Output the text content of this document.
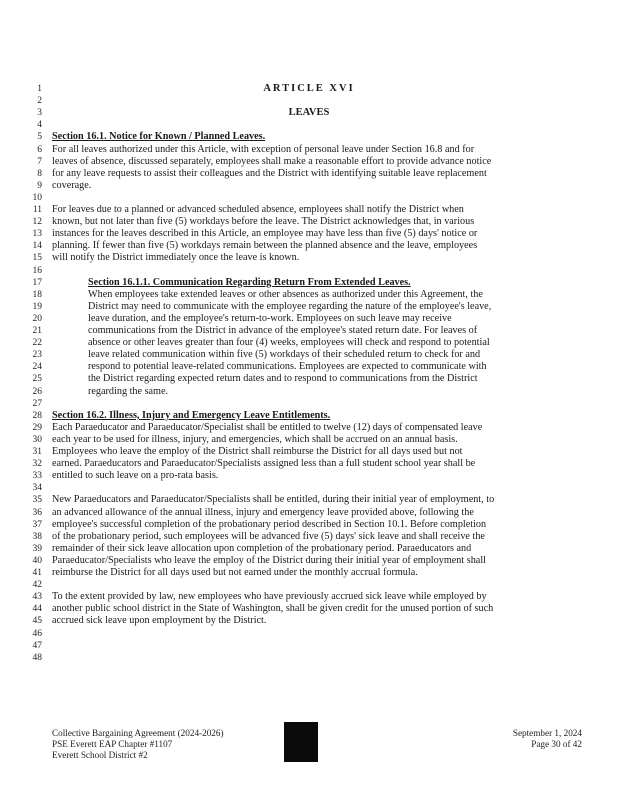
1
2
3
4
5
6
7
8
9
10
11
12
13
14
15
16
17
18
19
20
21
22
23
24
25
26
27
28
29
30
31
32
33
34
35
36
37
38
39
40
41
42
43
44
45
46
47
48
ARTICLE XVI
LEAVES
Section 16.1. Notice for Known / Planned Leaves.
For all leaves authorized under this Article, with exception of personal leave under Section 16.8 and for
leaves of absence, discussed separately, employees shall make a reasonable effort to provide advance notice
for any leave requests to assist their colleagues and the District with identifying suitable leave replacement
coverage.
For leaves due to a planned or advanced scheduled absence, employees shall notify the District when
known, but not later than five (5) workdays before the leave. The District acknowledges that, in various
instances for the leaves described in this Article, an employee may have less than five (5) days' notice or
planning. If fewer than five (5) workdays remain between the planned absence and the leave, employees
will notify the District immediately once the leave is known.
Section 16.1.1. Communication Regarding Return From Extended Leaves.
When employees take extended leaves or other absences as authorized under this Agreement, the
District may need to communicate with the employee regarding the nature of the employee's leave,
leave duration, and the employee's return-to-work. Employees on such leave may receive
communications from the District in advance of the employee's stated return date. For leaves of
absence or other leaves greater than four (4) weeks, employees will check and respond to potential
leave related communication within five (5) workdays of their scheduled return to check for and
respond to potential leave-related communications. Employees are expected to communicate with
the District regarding expected return dates and to respond to communications from the District
regarding the same.
Section 16.2. Illness, Injury and Emergency Leave Entitlements.
Each Paraeducator and Paraeducator/Specialist shall be entitled to twelve (12) days of compensated leave
each year to be used for illness, injury, and emergencies, which shall be accrued on an annual basis.
Employees who leave the employ of the District shall reimburse the District for all days used but not
earned. Paraeducators and Paraeducator/Specialists assigned less than a full student school year shall be
entitled to such leave on a pro-rata basis.
New Paraeducators and Paraeducator/Specialists shall be entitled, during their initial year of employment, to
an advanced allowance of the annual illness, injury and emergency leave provided above, following the
employee's successful completion of the probationary period described in Section 10.1. Before completion
of the probationary period, such employees will be advanced five (5) days' sick leave and shall receive the
remainder of their sick leave allocation upon completion of the probationary period. Paraeducators and
Paraeducator/Specialists who leave the employ of the District during their initial year of employment shall
reimburse the District for all days used but not earned under the monthly accrual formula.
To the extent provided by law, new employees who have previously accrued sick leave while employed by
another public school district in the State of Washington, shall be given credit for the unused portion of such
accrued sick leave upon employment by the District.
Collective Bargaining Agreement (2024-2026)
PSE Everett EAP Chapter #1107
Everett School District #2
September 1, 2024
Page 30 of 42
